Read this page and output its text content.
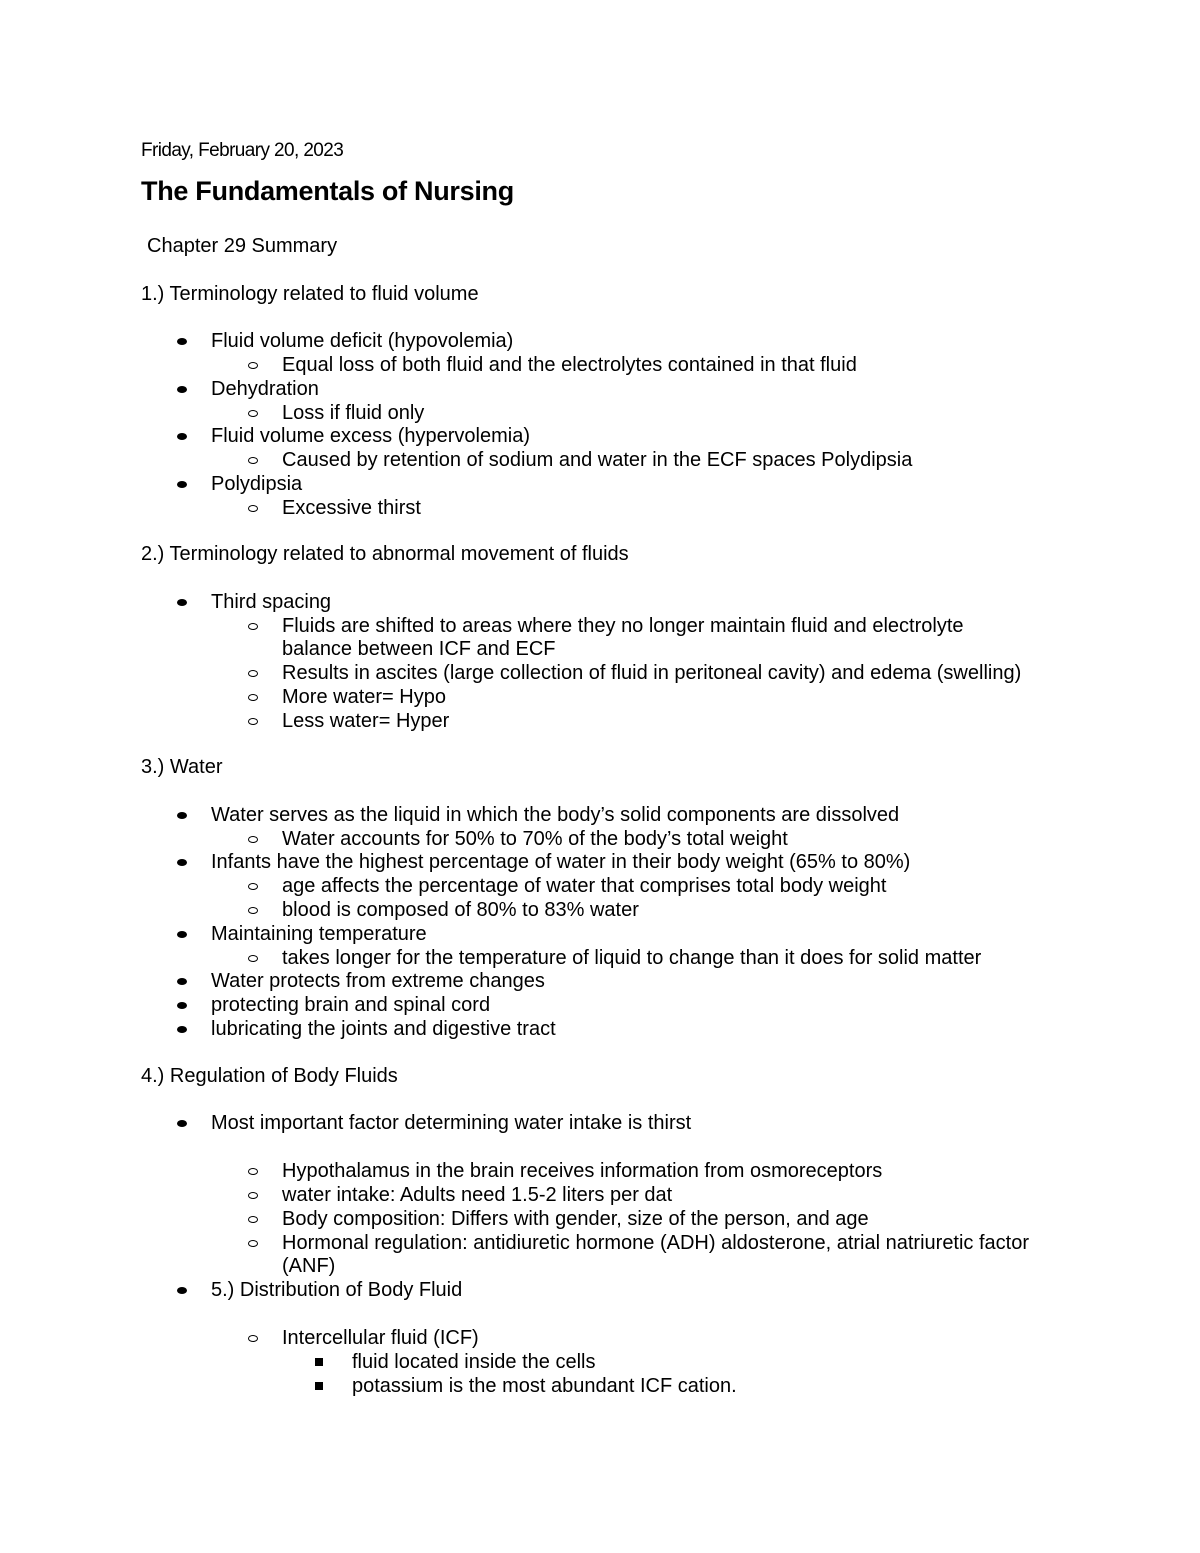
Friday, February 20, 2023
The Fundamentals of Nursing
Chapter 29 Summary
1.) Terminology related to fluid volume
Fluid volume deficit (hypovolemia)
Equal loss of both fluid and the electrolytes contained in that fluid
Dehydration
Loss if fluid only
Fluid volume excess (hypervolemia)
Caused by retention of sodium and water in the ECF spaces Polydipsia
Polydipsia
Excessive thirst
2.) Terminology related to abnormal movement of fluids
Third spacing
Fluids are shifted to areas where they no longer maintain fluid and electrolyte
balance between ICF and ECF
Results in ascites (large collection of fluid in peritoneal cavity) and edema (swelling)
More water= Hypo
Less water= Hyper
3.) Water
Water serves as the liquid in which the body’s solid components are dissolved
Water accounts for 50% to 70% of the body’s total weight
Infants have the highest percentage of water in their body weight (65% to 80%)
age affects the percentage of water that comprises total body weight
blood is composed of 80% to 83% water
Maintaining temperature
takes longer for the temperature of liquid to change than it does for solid matter
Water protects from extreme changes
protecting brain and spinal cord
lubricating the joints and digestive tract
4.) Regulation of Body Fluids
Most important factor determining water intake is thirst
Hypothalamus in the brain receives information from osmoreceptors
water intake: Adults need 1.5-2 liters per dat
Body composition: Differs with gender, size of the person, and age
Hormonal regulation: antidiuretic hormone (ADH) aldosterone, atrial natriuretic factor
(ANF)
5.) Distribution of Body Fluid
Intercellular fluid (ICF)
fluid located inside the cells
potassium is the most abundant ICF cation.
